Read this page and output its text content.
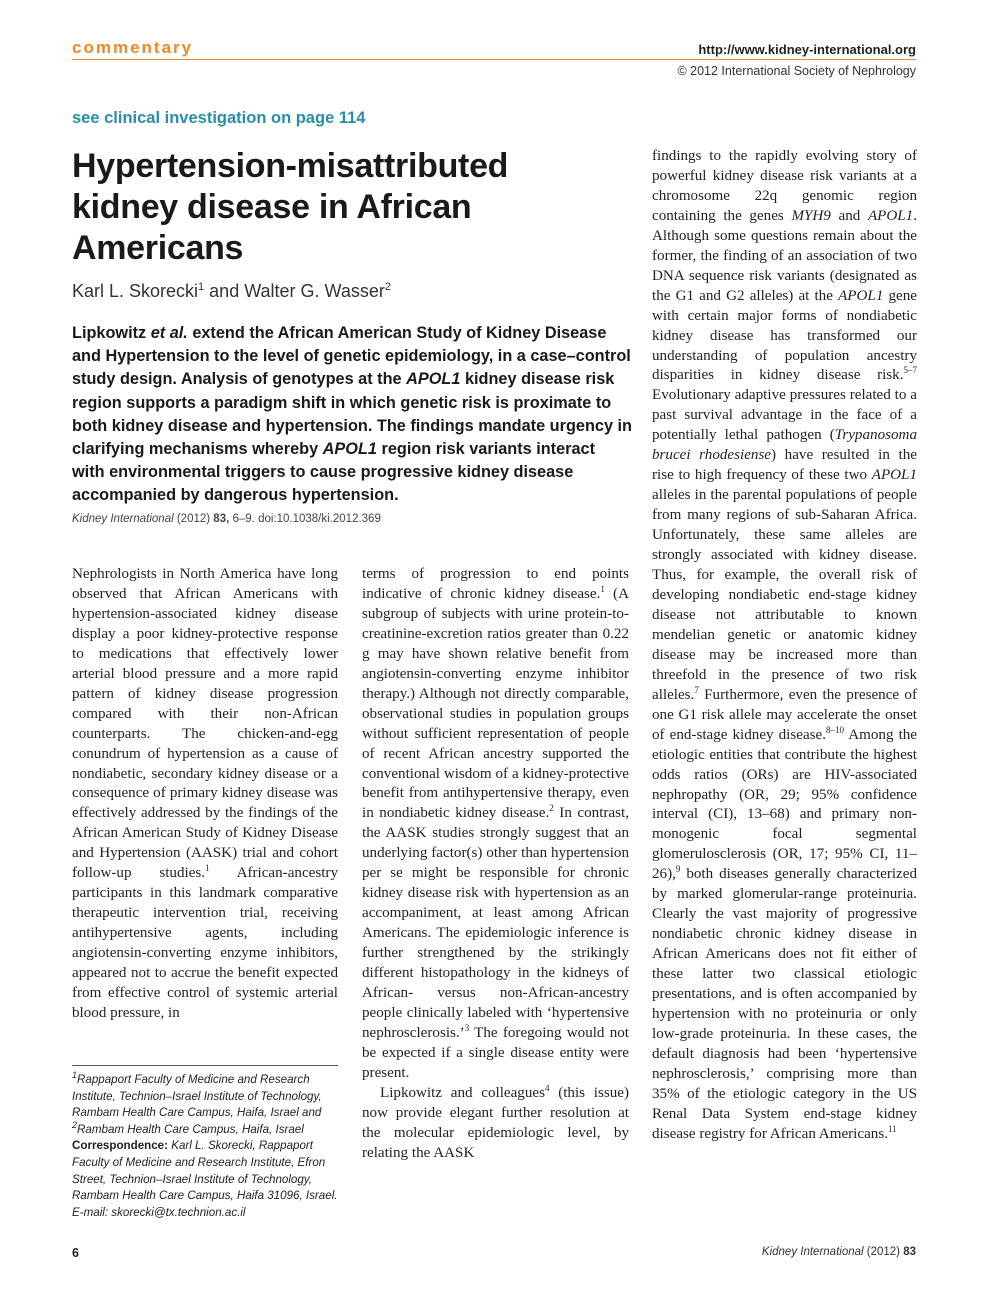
commentary	http://www.kidney-international.org
© 2012 International Society of Nephrology
see clinical investigation on page 114
Hypertension-misattributed kidney disease in African Americans
Karl L. Skorecki$^1$ and Walter G. Wasser$^2$
Lipkowitz et al. extend the African American Study of Kidney Disease and Hypertension to the level of genetic epidemiology, in a case–control study design. Analysis of genotypes at the APOL1 kidney disease risk region supports a paradigm shift in which genetic risk is proximate to both kidney disease and hypertension. The findings mandate urgency in clarifying mechanisms whereby APOL1 region risk variants interact with environmental triggers to cause progressive kidney disease accompanied by dangerous hypertension.
Kidney International (2012) 83, 6–9. doi:10.1038/ki.2012.369

Nephrologists in North America have long observed that African Americans with hypertension-associated kidney disease display a poor kidney-protective response to medications that effectively lower arterial blood pressure and a more rapid pattern of kidney disease progression compared with their non-African counterparts. The chicken-and-egg conundrum of hypertension as a cause of nondiabetic, secondary kidney disease or a consequence of primary kidney disease was effectively addressed by the findings of the African American Study of Kidney Disease and Hypertension (AASK) trial and cohort follow-up studies.$^1$ African-ancestry participants in this landmark comparative therapeutic intervention trial, receiving antihypertensive agents, including angiotensin-converting enzyme inhibitors, appeared not to accrue the benefit expected from effective control of systemic arterial blood pressure, in

terms of progression to end points indicative of chronic kidney disease.$^1$ (A subgroup of subjects with urine protein-to-creatinine-excretion ratios greater than 0.22 g may have shown relative benefit from angiotensin-converting enzyme inhibitor therapy.) Although not directly comparable, observational studies in population groups without sufficient representation of people of recent African ancestry supported the conventional wisdom of a kidney-protective benefit from antihypertensive therapy, even in nondiabetic kidney disease.$^2$ In contrast, the AASK studies strongly suggest that an underlying factor(s) other than hypertension per se might be responsible for chronic kidney disease risk with hypertension as an accompaniment, at least among African Americans. The epidemiologic inference is further strengthened by the strikingly different histopathology in the kidneys of African- versus non-African-ancestry people clinically labeled with ‘hypertensive nephrosclerosis.’$^3$ The foregoing would not be expected if a single disease entity were present.

Lipkowitz and colleagues$^4$ (this issue) now provide elegant further resolution at the molecular epidemiologic level, by relating the AASK

findings to the rapidly evolving story of powerful kidney disease risk variants at a chromosome 22q genomic region containing the genes MYH9 and APOL1. Although some questions remain about the former, the finding of an association of two DNA sequence risk variants (designated as the G1 and G2 alleles) at the APOL1 gene with certain major forms of nondiabetic kidney disease has transformed our understanding of population ancestry disparities in kidney disease risk.$^{5-7}$ Evolutionary adaptive pressures related to a past survival advantage in the face of a potentially lethal pathogen (Trypanosoma brucei rhodesiense) have resulted in the rise to high frequency of these two APOL1 alleles in the parental populations of people from many regions of sub-Saharan Africa. Unfortunately, these same alleles are strongly associated with kidney disease. Thus, for example, the overall risk of developing nondiabetic end-stage kidney disease not attributable to known mendelian genetic or anatomic kidney disease may be increased more than threefold in the presence of two risk alleles.$^7$ Furthermore, even the presence of one G1 risk allele may accelerate the onset of end-stage kidney disease.$^{8-10}$ Among the etiologic entities that contribute the highest odds ratios (ORs) are HIV-associated nephropathy (OR, 29; 95% confidence interval (CI), 13–68) and primary non-monogenic focal segmental glomerulosclerosis (OR, 17; 95% CI, 11–26),$^9$ both diseases generally characterized by marked glomerular-range proteinuria. Clearly the vast majority of progressive nondiabetic chronic kidney disease in African Americans does not fit either of these latter two classical etiologic presentations, and is often accompanied by hypertension with no proteinuria or only low-grade proteinuria. In these cases, the default diagnosis had been ‘hypertensive nephrosclerosis,’ comprising more than 35% of the etiologic category in the US Renal Data System end-stage kidney disease registry for African Americans.$^{11}$

$^1$Rappaport Faculty of Medicine and Research Institute, Technion–Israel Institute of Technology, Rambam Health Care Campus, Haifa, Israel and $^2$Rambam Health Care Campus, Haifa, Israel
Correspondence: Karl L. Skorecki, Rappaport Faculty of Medicine and Research Institute, Efron Street, Technion–Israel Institute of Technology, Rambam Health Care Campus, Haifa 31096, Israel. E-mail: skorecki@tx.technion.ac.il
6	Kidney International (2012) 83
